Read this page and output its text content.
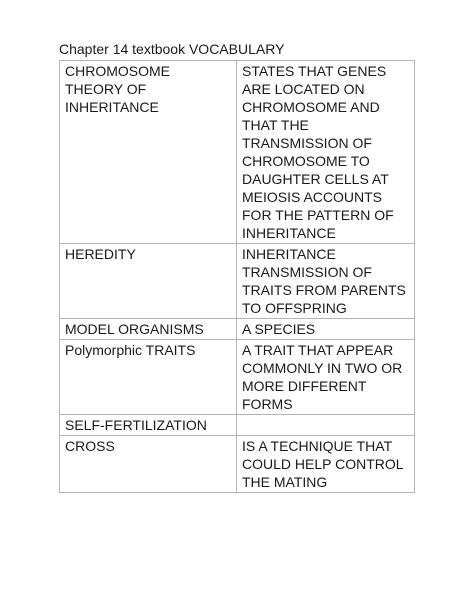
Chapter 14 textbook VOCABULARY
CHROMOSOME THEORY OF INHERITANCE	STATES THAT GENES ARE LOCATED ON CHROMOSOME AND THAT THE TRANSMISSION OF CHROMOSOME TO DAUGHTER CELLS AT MEIOSIS ACCOUNTS FOR THE PATTERN OF INHERITANCE
HEREDITY	INHERITANCE TRANSMISSION OF TRAITS FROM PARENTS TO OFFSPRING
MODEL ORGANISMS	A SPECIES
Polymorphic TRAITS	A TRAIT THAT APPEAR COMMONLY IN TWO OR MORE DIFFERENT FORMS
SELF-FERTILIZATION	
CROSS	IS A TECHNIQUE THAT COULD HELP CONTROL THE MATING
